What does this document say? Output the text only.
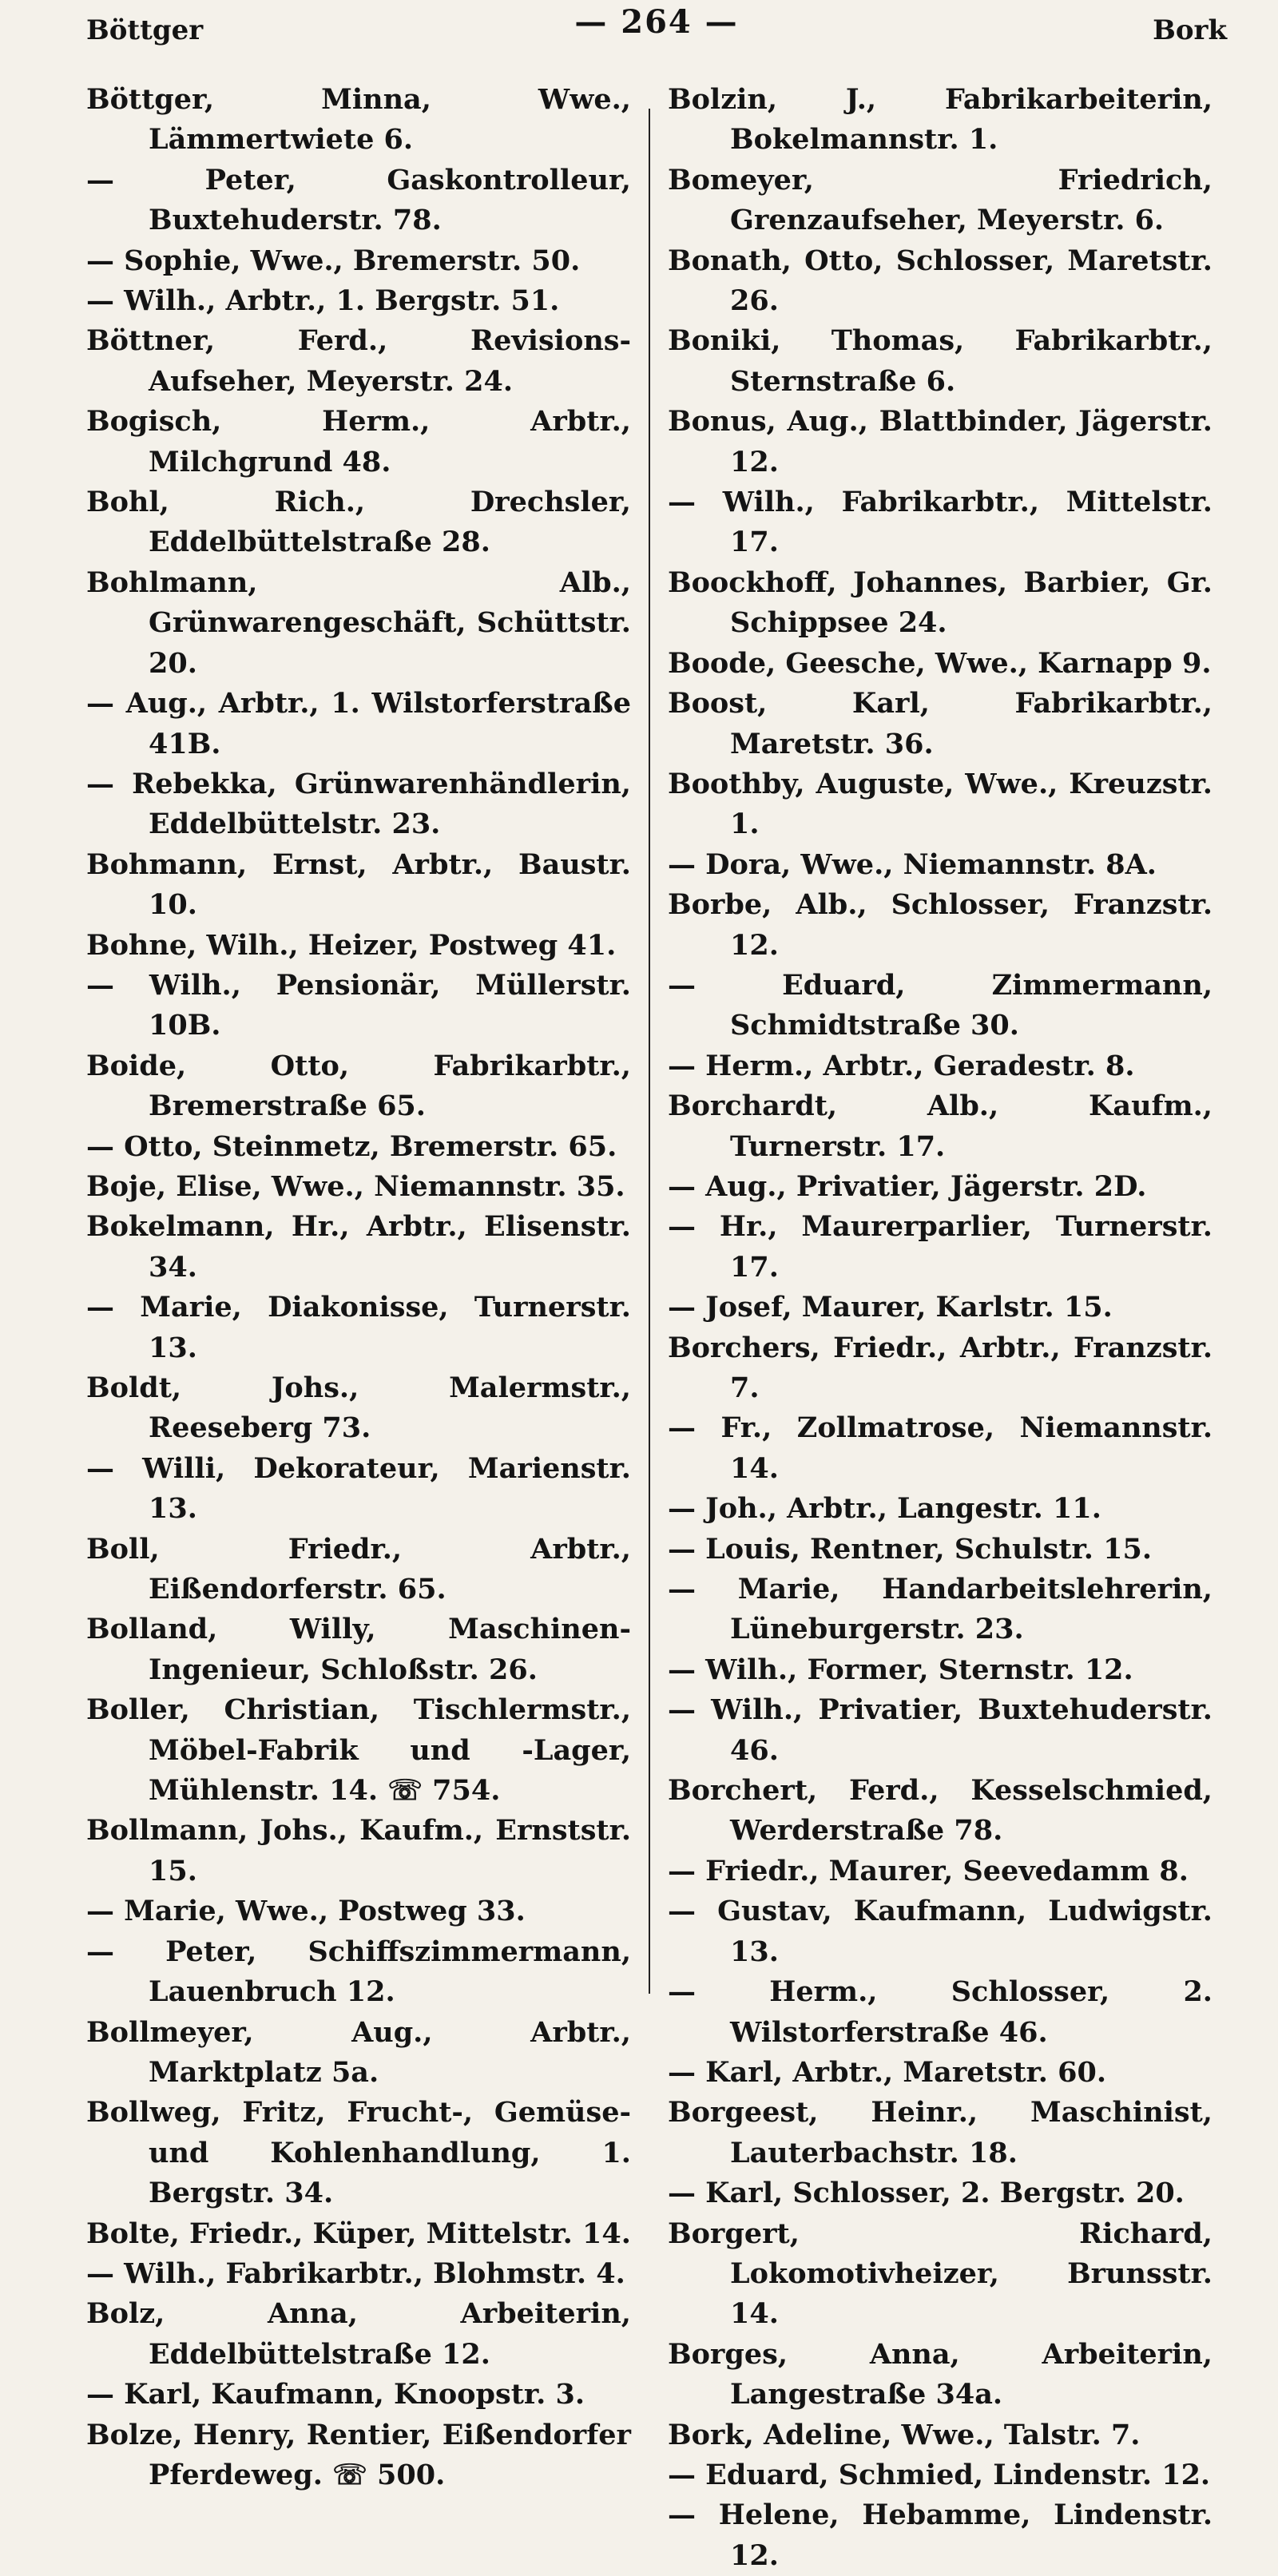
Böttger	— 264 —	Bork
Böttger, Minna, Wwe., Lämmertwiete 6.
— Peter, Gaskontrolleur, Buxtehuderstr. 78.
— Sophie, Wwe., Bremerstr. 50.
— Wilh., Arbtr., 1. Bergstr. 51.
Böttner, Ferd., Revisions-Aufseher, Meyerstr. 24.
Bogisch, Herm., Arbtr., Milchgrund 48.
Bohl, Rich., Drechsler, Eddelbüttelstraße 28.
Bohlmann, Alb., Grünwarengeschäft, Schüttstr. 20.
— Aug., Arbtr., 1. Wilstorferstraße 41B.
— Rebekka, Grünwarenhändlerin, Eddelbüttelstr. 23.
Bohmann, Ernst, Arbtr., Baustr. 10.
Bohne, Wilh., Heizer, Postweg 41.
— Wilh., Pensionär, Müllerstr. 10B.
Boide, Otto, Fabrikarbtr., Bremerstraße 65.
— Otto, Steinmetz, Bremerstr. 65.
Boje, Elise, Wwe., Niemannstr. 35.
Bokelmann, Hr., Arbtr., Elisenstr. 34.
— Marie, Diakonisse, Turnerstr. 13.
Boldt, Johs., Malermstr., Reeseberg 73.
— Willi, Dekorateur, Marienstr. 13.
Boll, Friedr., Arbtr., Eißendorferstr. 65.
Bolland, Willy, Maschinen-Ingenieur, Schloßstr. 26.
Boller, Christian, Tischlermstr., Möbel-Fabrik und -Lager, Mühlenstr. 14. ☏ 754.
Bollmann, Johs., Kaufm., Ernststr. 15.
— Marie, Wwe., Postweg 33.
— Peter, Schiffszimmermann, Lauenbruch 12.
Bollmeyer, Aug., Arbtr., Marktplatz 5a.
Bollweg, Fritz, Frucht-, Gemüse- und Kohlenhandlung, 1. Bergstr. 34.
Bolte, Friedr., Küper, Mittelstr. 14.
— Wilh., Fabrikarbtr., Blohmstr. 4.
Bolz, Anna, Arbeiterin, Eddelbüttelstraße 12.
— Karl, Kaufmann, Knoopstr. 3.
Bolze, Henry, Rentier, Eißendorfer Pferdeweg. ☏ 500.
Bolzin, J., Fabrikarbeiterin, Bokelmannstr. 1.
Bomeyer, Friedrich, Grenzaufseher, Meyerstr. 6.
Bonath, Otto, Schlosser, Maretstr. 26.
Boniki, Thomas, Fabrikarbtr., Sternstraße 6.
Bonus, Aug., Blattbinder, Jägerstr. 12.
— Wilh., Fabrikarbtr., Mittelstr. 17.
Boockhoff, Johannes, Barbier, Gr. Schippsee 24.
Boode, Geesche, Wwe., Karnapp 9.
Boost, Karl, Fabrikarbtr., Maretstr. 36.
Boothby, Auguste, Wwe., Kreuzstr. 1.
— Dora, Wwe., Niemannstr. 8A.
Borbe, Alb., Schlosser, Franzstr. 12.
— Eduard, Zimmermann, Schmidtstraße 30.
— Herm., Arbtr., Geradestr. 8.
Borchardt, Alb., Kaufm., Turnerstr. 17.
— Aug., Privatier, Jägerstr. 2D.
— Hr., Maurerparlier, Turnerstr. 17.
— Josef, Maurer, Karlstr. 15.
Borchers, Friedr., Arbtr., Franzstr. 7.
— Fr., Zollmatrose, Niemannstr. 14.
— Joh., Arbtr., Langestr. 11.
— Louis, Rentner, Schulstr. 15.
— Marie, Handarbeitslehrerin, Lüneburgerstr. 23.
— Wilh., Former, Sternstr. 12.
— Wilh., Privatier, Buxtehuderstr. 46.
Borchert, Ferd., Kesselschmied, Werderstraße 78.
— Friedr., Maurer, Seevedamm 8.
— Gustav, Kaufmann, Ludwigstr. 13.
— Herm., Schlosser, 2. Wilstorferstraße 46.
— Karl, Arbtr., Maretstr. 60.
Borgeest, Heinr., Maschinist, Lauterbachstr. 18.
— Karl, Schlosser, 2. Bergstr. 20.
Borgert, Richard, Lokomotivheizer, Brunsstr. 14.
Borges, Anna, Arbeiterin, Langestraße 34a.
Bork, Adeline, Wwe., Talstr. 7.
— Eduard, Schmied, Lindenstr. 12.
— Helene, Hebamme, Lindenstr. 12.
